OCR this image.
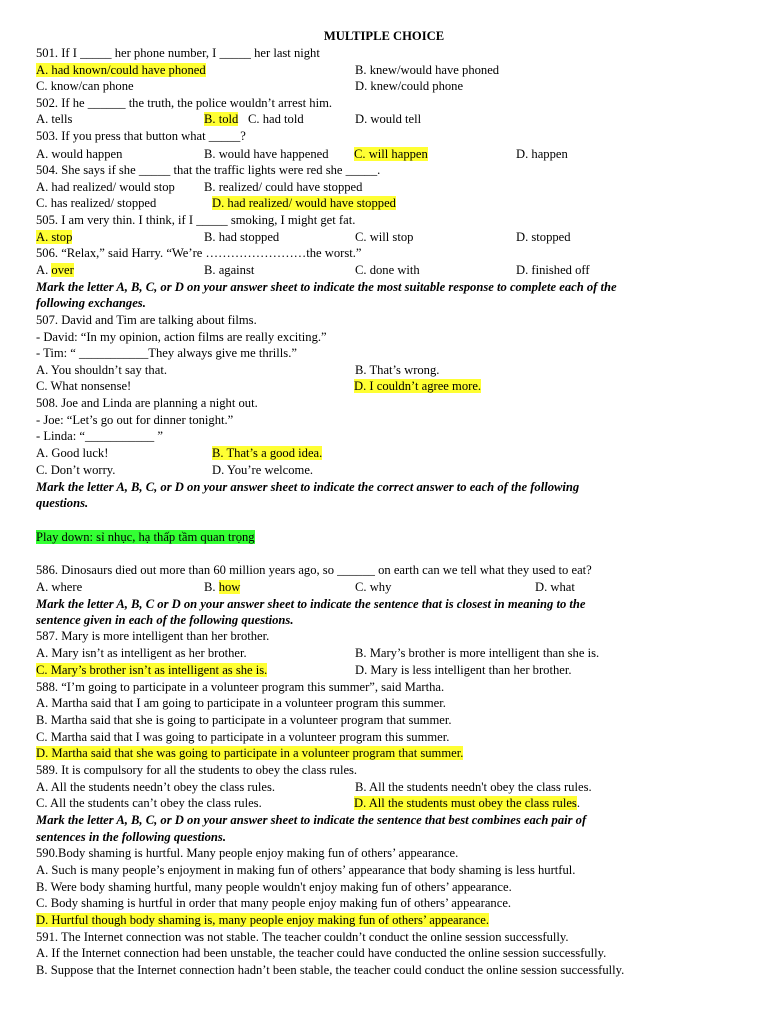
MULTIPLE CHOICE
501. If I _____ her phone number, I _____ her last night
A. had known/could have phoned	B. knew/would have phoned
C. know/can phone	D. knew/could phone
502. If he ______ the truth, the police wouldn’t arrest him.
A. tells	B. told C. had told	D. would tell
503. If you press that button what _____?
A. would happen	B. would have happened C. will happen	D. happen
504. She says if she _____ that the traffic lights were red she _____.
A. had realized/ would stop B. realized/ could have stopped
C. has realized/ stopped	D. had realized/ would have stopped
505. I am very thin. I think, if I _____ smoking, I might get fat.
A. stop	B. had stopped	C. will stop	D. stopped
506. “Relax,” said Harry. “We’re ……………………the worst.”
A. over	B. against	C. done with	D. finished off
Mark the letter A, B, C, or D on your answer sheet to indicate the most suitable response to complete each of the
following exchanges.
507. David and Tim are talking about films.
- David: “In my opinion, action films are really exciting.”
- Tim: “ ___________They always give me thrills.”
A. You shouldn’t say that.	B. That’s wrong.
C. What nonsense!	D. I couldn’t agree more.
508. Joe and Linda are planning a night out.
- Joe: “Let’s go out for dinner tonight.”
- Linda: “___________ ”
A. Good luck!	B. That’s a good idea.
C. Don’t worry.	D. You’re welcome.
Mark the letter A, B, C, or D on your answer sheet to indicate the correct answer to each of the following
questions.
Play down: sỉ nhục, hạ thấp tầm quan trọng
586. Dinosaurs died out more than 60 million years ago, so ______ on earth can we tell what they used to eat?
A. where	B. how	C. why	D. what
Mark the letter A, B, C or D on your answer sheet to indicate the sentence that is closest in meaning to the
sentence given in each of the following questions.
587. Mary is more intelligent than her brother.
A. Mary isn’t as intelligent as her brother.	B. Mary’s brother is more intelligent than she is.
C. Mary’s brother isn’t as intelligent as she is.	D. Mary is less intelligent than her brother.
588. “I’m going to participate in a volunteer program this summer”, said Martha.
A. Martha said that I am going to participate in a volunteer program this summer.
B. Martha said that she is going to participate in a volunteer program that summer.
C. Martha said that I was going to participate in a volunteer program this summer.
D. Martha said that she was going to participate in a volunteer program that summer.
589. It is compulsory for all the students to obey the class rules.
A. All the students needn’t obey the class rules.	B. All the students needn't obey the class rules.
C. All the students can’t obey the class rules.	D. All the students must obey the class rules.
Mark the letter A, B, C, or D on your answer sheet to indicate the sentence that best combines each pair of
sentences in the following questions.
590.Body shaming is hurtful. Many people enjoy making fun of others’ appearance.
A. Such is many people’s enjoyment in making fun of others’ appearance that body shaming is less hurtful.
B. Were body shaming hurtful, many people wouldn't enjoy making fun of others’ appearance.
C. Body shaming is hurtful in order that many people enjoy making fun of others’ appearance.
D. Hurtful though body shaming is, many people enjoy making fun of others’ appearance.
591. The Internet connection was not stable. The teacher couldn’t conduct the online session successfully.
A. If the Internet connection had been unstable, the teacher could have conducted the online session successfully.
B. Suppose that the Internet connection hadn’t been stable, the teacher could conduct the online session successfully.
